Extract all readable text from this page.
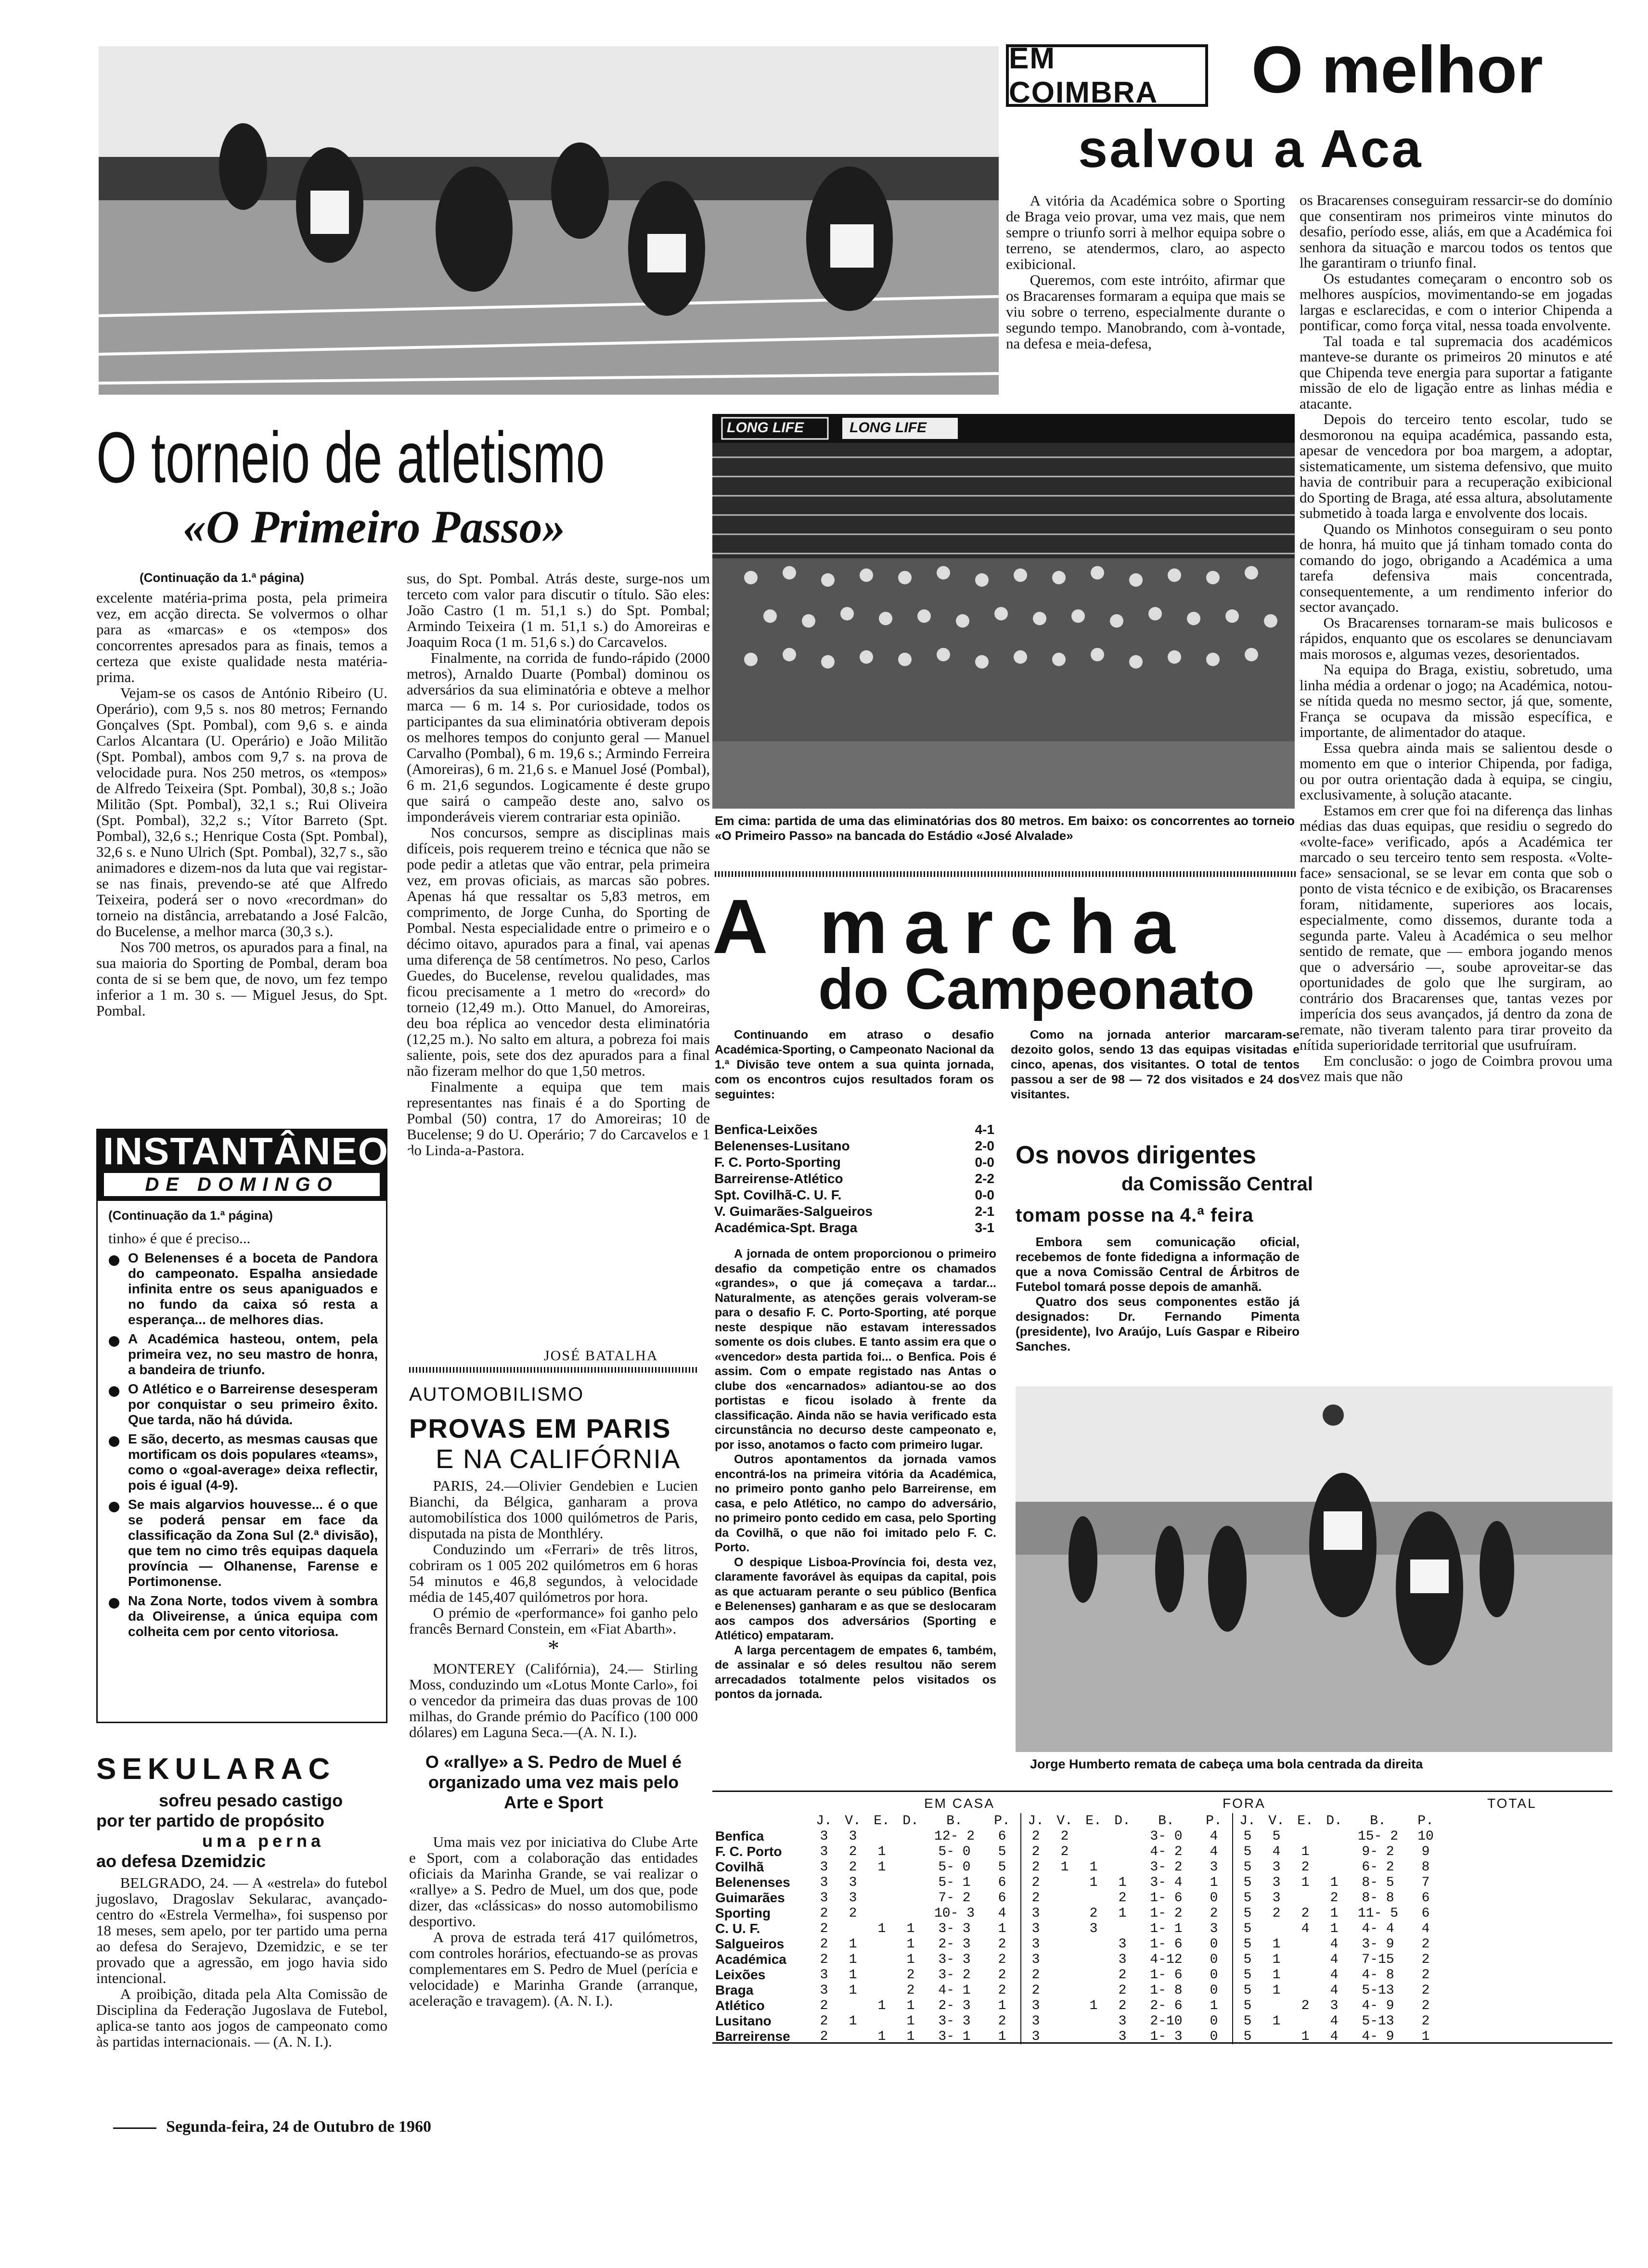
EM COIMBRA	O melhor
salvou a Aca

A vitória da Académica sobre o Sporting de Braga veio provar, uma vez mais, que nem sempre o triunfo sorri à melhor equipa sobre o terreno, se atendermos, claro, ao aspecto exibicional.

Queremos, com este intróito, afirmar que os Bracarenses formaram a equipa que mais se viu sobre o terreno, especialmente durante o segundo tempo. Manobrando, com à-vontade, na defesa e meia-defesa,

os Bracarenses conseguiram ressarcir-se do domínio que consentiram nos primeiros vinte minutos do desafio, período esse, aliás, em que a Académica foi senhora da situação e marcou todos os tentos que lhe garantiram o triunfo final.

Os estudantes começaram o encontro sob os melhores auspícios, movimentando-se em jogadas largas e esclarecidas, e com o interior Chipenda a pontificar, como força vital, nessa toada envolvente.

Tal toada e tal supremacia dos académicos manteve-se durante os primeiros 20 minutos e até que Chipenda teve energia para suportar a fatigante missão de elo de ligação entre as linhas média e atacante.

Depois do terceiro tento escolar, tudo se desmoronou na equipa académica, passando esta, apesar de vencedora por boa margem, a adoptar, sistematicamente, um sistema defensivo, que muito havia de contribuir para a recuperação exibicional do Sporting de Braga, até essa altura, absolutamente submetido à toada larga e envolvente dos locais.

Quando os Minhotos conseguiram o seu ponto de honra, há muito que já tinham tomado conta do comando do jogo, obrigando a Académica a uma tarefa defensiva mais concentrada, consequentemente, a um rendimento inferior do sector avançado.

Os Bracarenses tornaram-se mais bulicosos e rápidos, enquanto que os escolares se denunciavam mais morosos e, algumas vezes, desorientados.

Na equipa do Braga, existiu, sobretudo, uma linha média a ordenar o jogo; na Académica, notou-se nítida queda no mesmo sector, já que, somente, França se ocupava da missão específica, e importante, de alimentador do ataque.

Essa quebra ainda mais se salientou desde o momento em que o interior Chipenda, por fadiga, ou por outra orientação dada à equipa, se cingiu, exclusivamente, à solução atacante.

Estamos em crer que foi na diferença das linhas médias das duas equipas, que residiu o segredo do «volte-face» verificado, após a Académica ter marcado o seu terceiro tento sem resposta. «Volte-face» sensacional, se se levar em conta que sob o ponto de vista técnico e de exibição, os Bracarenses foram, nitidamente, superiores aos locais, especialmente, como dissemos, durante toda a segunda parte. Valeu à Académica o seu melhor sentido de remate, que — embora jogando menos que o adversário —, soube aproveitar-se das oportunidades de golo que lhe surgiram, ao contrário dos Bracarenses que, tantas vezes por imperícia dos seus avançados, já dentro da zona de remate, não tiveram talento para tirar proveito da nítida superioridade territorial que usufruíram.

Em conclusão: o jogo de Coimbra provou uma vez mais que não

O torneio de atletismo
«O Primeiro Passo»
(Continuação da 1.ª página)

excelente matéria-prima posta, pela primeira vez, em acção directa. Se volvermos o olhar para as «marcas» e os «tempos» dos concorrentes apresados para as finais, temos a certeza que existe qualidade nesta matéria-prima.

Vejam-se os casos de António Ribeiro (U. Operário), com 9,5 s. nos 80 metros; Fernando Gonçalves (Spt. Pombal), com 9,6 s. e ainda Carlos Alcantara (U. Operário) e João Militão (Spt. Pombal), ambos com 9,7 s. na prova de velocidade pura. Nos 250 metros, os «tempos» de Alfredo Teixeira (Spt. Pombal), 30,8 s.; João Militão (Spt. Pombal), 32,1 s.; Rui Oliveira (Spt. Pombal), 32,2 s.; Vítor Barreto (Spt. Pombal), 32,6 s.; Henrique Costa (Spt. Pombal), 32,6 s. e Nuno Ulrich (Spt. Pombal), 32,7 s., são animadores e dizem-nos da luta que vai registar-se nas finais, prevendo-se até que Alfredo Teixeira, poderá ser o novo «recordman» do torneio na distância, arrebatando a José Falcão, do Bucelense, a melhor marca (30,3 s.).

Nos 700 metros, os apurados para a final, na sua maioria do Sporting de Pombal, deram boa conta de si se bem que, de novo, um fez tempo inferior a 1 m. 30 s. — Miguel Jesus, do Spt. Pombal.

sus, do Spt. Pombal. Atrás deste, surge-nos um terceto com valor para discutir o título. São eles: João Castro (1 m. 51,1 s.) do Spt. Pombal; Armindo Teixeira (1 m. 51,1 s.) do Amoreiras e Joaquim Roca (1 m. 51,6 s.) do Carcavelos.

Finalmente, na corrida de fundo-rápido (2000 metros), Arnaldo Duarte (Pombal) dominou os adversários da sua eliminatória e obteve a melhor marca — 6 m. 14 s. Por curiosidade, todos os participantes da sua eliminatória obtiveram depois os melhores tempos do conjunto geral — Manuel Carvalho (Pombal), 6 m. 19,6 s.; Armindo Ferreira (Amoreiras), 6 m. 21,6 s. e Manuel José (Pombal), 6 m. 21,6 segundos. Logicamente é deste grupo que sairá o campeão deste ano, salvo os imponderáveis vierem contrariar esta opinião.

Nos concursos, sempre as disciplinas mais difíceis, pois requerem treino e técnica que não se pode pedir a atletas que vão entrar, pela primeira vez, em provas oficiais, as marcas são pobres. Apenas há que ressaltar os 5,83 metros, em comprimento, de Jorge Cunha, do Sporting de Pombal. Nesta especialidade entre o primeiro e o décimo oitavo, apurados para a final, vai apenas uma diferença de 58 centímetros. No peso, Carlos Guedes, do Bucelense, revelou qualidades, mas ficou precisamente a 1 metro do «record» do torneio (12,49 m.). Otto Manuel, do Amoreiras, deu boa réplica ao vencedor desta eliminatória (12,25 m.). No salto em altura, a pobreza foi mais saliente, pois, sete dos dez apurados para a final não fizeram melhor do que 1,50 metros.

Finalmente a equipa que tem mais representantes nas finais é a do Sporting de Pombal (50) contra, 17 do Amoreiras; 10 de Bucelense; 9 do U. Operário; 7 do Carcavelos e 1 do Linda-a-Pastora.

JOSÉ BATALHA
LONG LIFE	LONG LIFE
Em cima: partida de uma das eliminatórias dos 80 metros. Em baixo: os concorrentes ao torneio «O Primeiro Passo» na bancada do Estádio «José Alvalade»
A marcha
do Campeonato
Continuando em atraso o desafio Académica-Sporting, o Campeonato Nacional da 1.ª Divisão teve ontem a sua quinta jornada, com os encontros cujos resultados foram os seguintes:
Como na jornada anterior marcaram-se dezoito golos, sendo 13 das equipas visitadas e cinco, apenas, dos visitantes. O total de tentos passou a ser de 98 — 72 dos visitados e 24 dos visitantes.
Benfica-Leixões	4-1
Belenenses-Lusitano	2-0
F. C. Porto-Sporting	0-0
Barreirense-Atlético	2-2
Spt. Covilhã-C. U. F.	0-0
V. Guimarães-Salgueiros	2-1
Académica-Spt. Braga	3-1

A jornada de ontem proporcionou o primeiro desafio da competição entre os chamados «grandes», o que já começava a tardar... Naturalmente, as atenções gerais volveram-se para o desafio F. C. Porto-Sporting, até porque neste despique não estavam interessados somente os dois clubes. E tanto assim era que o «vencedor» desta partida foi... o Benfica. Pois é assim. Com o empate registado nas Antas o clube dos «encarnados» adiantou-se ao dos portistas e ficou isolado à frente da classificação. Ainda não se havia verificado esta circunstância no decurso deste campeonato e, por isso, anotamos o facto com primeiro lugar.

Outros apontamentos da jornada vamos encontrá-los na primeira vitória da Académica, no primeiro ponto ganho pelo Barreirense, em casa, e pelo Atlético, no campo do adversário, no primeiro ponto cedido em casa, pelo Sporting da Covilhã, o que não foi imitado pelo F. C. Porto.

O despique Lisboa-Província foi, desta vez, claramente favorável às equipas da capital, pois as que actuaram perante o seu público (Benfica e Belenenses) ganharam e as que se deslocaram aos campos dos adversários (Sporting e Atlético) empataram.

A larga percentagem de empates 6, também, de assinalar e só deles resultou não serem arrecadados totalmente pelos visitados os pontos da jornada.

Os novos dirigentes
da Comissão Central
tomam posse na 4.ª feira

Embora sem comunicação oficial, recebemos de fonte fidedigna a informação de que a nova Comissão Central de Árbitros de Futebol tomará posse depois de amanhã.

Quatro dos seus componentes estão já designados: Dr. Fernando Pimenta (presidente), Ivo Araújo, Luís Gaspar e Ribeiro Sanches.

Jorge Humberto remata de cabeça uma bola centrada da direita
EM CASA	FORA	TOTAL
	J.	V.	E.	D.	B.	P.	J.	V.	E.	D.	B.	P.	J.	V.	E.	D.	B.	P.
Benfica	3	3			12- 2	6	2	2			3- 0	4	5	5			15- 2	10
F. C. Porto	3	2	1		5- 0	5	2	2			4- 2	4	5	4	1		9- 2	9
Covilhã	3	2	1		5- 0	5	2	1	1		3- 2	3	5	3	2		6- 2	8
Belenenses	3	3			5- 1	6	2		1	1	3- 4	1	5	3	1	1	8- 5	7
Guimarães	3	3			7- 2	6	2			2	1- 6	0	5	3		2	8- 8	6
Sporting	2	2			10- 3	4	3		2	1	1- 2	2	5	2	2	1	11- 5	6
C. U. F.	2		1	1	3- 3	1	3		3		1- 1	3	5		4	1	4- 4	4
Salgueiros	2	1		1	2- 3	2	3			3	1- 6	0	5	1		4	3- 9	2
Académica	2	1		1	3- 3	2	3			3	4-12	0	5	1		4	7-15	2
Leixões	3	1		2	3- 2	2	2			2	1- 6	0	5	1		4	4- 8	2
Braga	3	1		2	4- 1	2	2			2	1- 8	0	5	1		4	5-13	2
Atlético	2		1	1	2- 3	1	3		1	2	2- 6	1	5		2	3	4- 9	2
Lusitano	2	1		1	3- 3	2	3			3	2-10	0	5	1		4	5-13	2
Barreirense	2		1	1	3- 1	1	3			3	1- 3	0	5		1	4	4- 9	1
INSTANTÂNEOS
DE DOMINGO
(Continuação da 1.ª página)
tinho» é que é preciso...
O Belenenses é a boceta de Pandora do campeonato. Espalha ansiedade infinita entre os seus apaniguados e no fundo da caixa só resta a esperança... de melhores dias.
A Académica hasteou, ontem, pela primeira vez, no seu mastro de honra, a bandeira de triunfo.
O Atlético e o Barreirense desesperam por conquistar o seu primeiro êxito. Que tarda, não há dúvida.
E são, decerto, as mesmas causas que mortificam os dois populares «teams», como o «goal-average» deixa reflectir, pois é igual (4-9).
Se mais algarvios houvesse... é o que se poderá pensar em face da classificação da Zona Sul (2.ª divisão), que tem no cimo três equipas daquela província — Olhanense, Farense e Portimonense.
Na Zona Norte, todos vivem à sombra da Oliveirense, a única equipa com colheita cem por cento vitoriosa.
SEKULARAC
sofreu pesado castigo
por ter partido de propósito
uma perna
ao defesa Dzemidzic

BELGRADO, 24. — A «estrela» do futebol jugoslavo, Dragoslav Sekularac, avançado-centro do «Estrela Vermelha», foi suspenso por 18 meses, sem apelo, por ter partido uma perna ao defesa do Serajevo, Dzemidzic, e se ter provado que a agressão, em jogo havia sido intencional.

A proibição, ditada pela Alta Comissão de Disciplina da Federação Jugoslava de Futebol, aplica-se tanto aos jogos de campeonato como às partidas internacionais. — (A. N. I.).

AUTOMOBILISMO
PROVAS EM PARIS
E NA CALIFÓRNIA

PARIS, 24.—Olivier Gendebien e Lucien Bianchi, da Bélgica, ganharam a prova automobilística dos 1000 quilómetros de Paris, disputada na pista de Monthléry.

Conduzindo um «Ferrari» de três litros, cobriram os 1 005 202 quilómetros em 6 horas 54 minutos e 46,8 segundos, à velocidade média de 145,407 quilómetros por hora.

O prémio de «performance» foi ganho pelo francês Bernard Constein, em «Fiat Abarth».

*

MONTEREY (Califórnia), 24.— Stirling Moss, conduzindo um «Lotus Monte Carlo», foi o vencedor da primeira das duas provas de 100 milhas, do Grande prémio do Pacífico (100 000 dólares) em Laguna Seca.—(A. N. I.).

O «rallye» a S. Pedro de Muel é organizado uma vez mais pelo Arte e Sport

Uma mais vez por iniciativa do Clube Arte e Sport, com a colaboração das entidades oficiais da Marinha Grande, se vai realizar o «rallye» a S. Pedro de Muel, um dos que, pode dizer, das «clássicas» do nosso automobilismo desportivo.

A prova de estrada terá 417 quilómetros, com controles horários, efectuando-se as provas complementares em S. Pedro de Muel (perícia e velocidade) e Marinha Grande (arranque, aceleração e travagem). (A. N. I.).

Segunda-feira, 24 de Outubro de 1960
